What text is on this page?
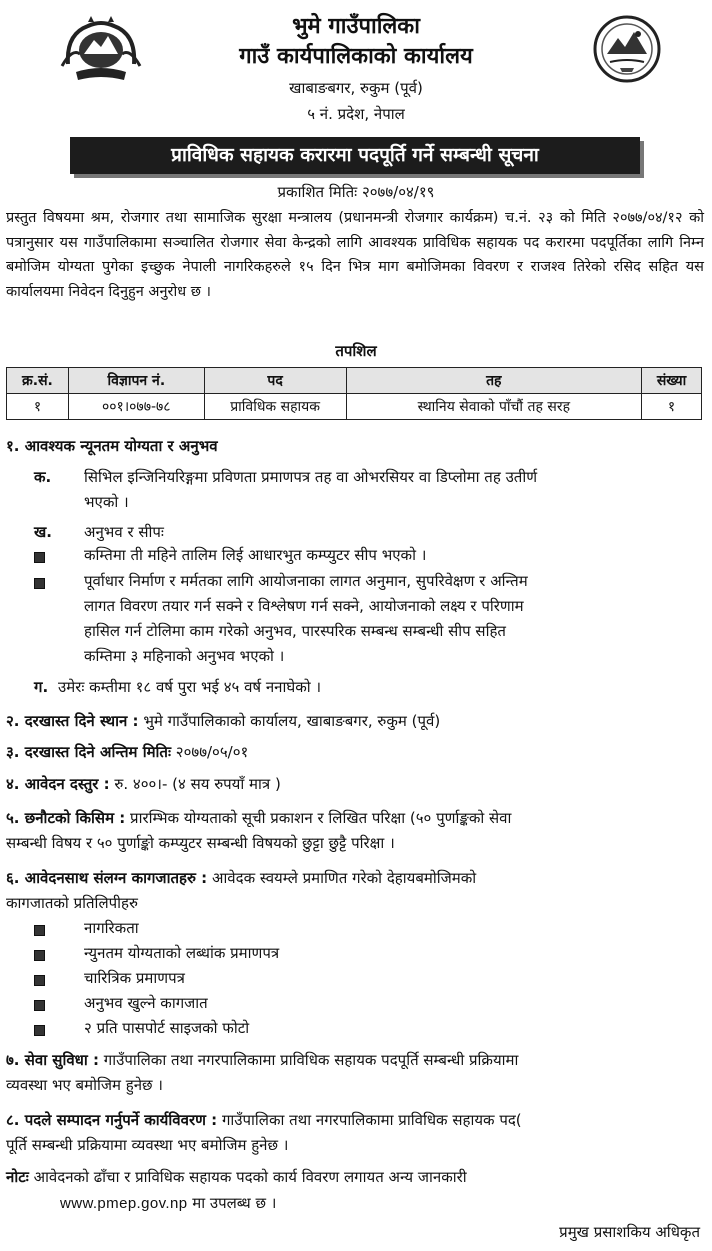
भुमे गाउँपालिका
गाउँ कार्यपालिकाको कार्यालय
खाबाङबगर, रुकुम (पूर्व)
५ नं. प्रदेश, नेपाल
प्राविधिक सहायक करारमा पदपूर्ति गर्ने सम्बन्धी सूचना
प्रकाशित मितिः २०७७/०४/१९
प्रस्तुत विषयमा श्रम, रोजगार तथा सामाजिक सुरक्षा मन्त्रालय (प्रधानमन्त्री रोजगार कार्यक्रम) च.नं. २३ को मिति २०७७/०४/१२ को पत्रानुसार यस गाउँपालिकामा सञ्चालित रोजगार सेवा केन्द्रको लागि आवश्यक प्राविधिक सहायक पद करारमा पदपूर्तिका लागि निम्न बमोजिम योग्यता पुगेका इच्छुक नेपाली नागरिकहरुले १५ दिन भित्र माग बमोजिमका विवरण र राजश्व तिरेको रसिद सहित यस कार्यालयमा निवेदन दिनुहुन अनुरोध छ ।
तपशिल
क्र.सं.	विज्ञापन नं.	पद	तह	संख्या
१	००१।०७७-७८	प्राविधिक सहायक	स्थानिय सेवाको पाँचौं तह सरह	१
१. आवश्यक न्यूनतम योग्यता र अनुभव
क. सिभिल इन्जिनियरिङ्गमा प्रविणता प्रमाणपत्र तह वा ओभरसियर वा डिप्लोमा तह उतीर्ण
भएको ।
ख. अनुभव र सीपः
कम्तिमा ती महिने तालिम लिई आधारभुत कम्प्युटर सीप भएको ।
पूर्वाधार निर्माण र मर्मतका लागि आयोजनाका लागत अनुमान, सुपरिवेक्षण र अन्तिम
लागत विवरण तयार गर्न सक्ने र विश्लेषण गर्न सक्ने, आयोजनाको लक्ष्य र परिणाम
हासिल गर्न टोलिमा काम गरेको अनुभव, पारस्परिक सम्बन्ध सम्बन्धी सीप सहित
कम्तिमा ३ महिनाको अनुभव भएको ।
ग. उमेरः कम्तीमा १८ वर्ष पुरा भई ४५ वर्ष ननाघेको ।
२. दरखास्त दिने स्थान : भुमे गाउँपालिकाको कार्यालय, खाबाङबगर, रुकुम (पूर्व)
३. दरखास्त दिने अन्तिम मितिः २०७७/०५/०१
४. आवेदन दस्तुर : रु. ४००।- (४ सय रुपयाँ मात्र )
५. छनौटको किसिम : प्रारम्भिक योग्यताको सूची प्रकाशन र लिखित परिक्षा (५० पुर्णाङ्कको सेवा
सम्बन्धी विषय र ५० पुर्णाङ्को कम्प्युटर सम्बन्धी विषयको छुट्टा छुट्टै परिक्षा ।
६. आवेदनसाथ संलग्न कागजातहरु : आवेदक स्वयम्ले प्रमाणित गरेको देहायबमोजिमको
कागजातको प्रतिलिपीहरु
नागरिकता
न्युनतम योग्यताको लब्धांक प्रमाणपत्र
चारित्रिक प्रमाणपत्र
अनुभव खुल्ने कागजात
२ प्रति पासपोर्ट साइजको फोटो
७. सेवा सुविधा : गाउँपालिका तथा नगरपालिकामा प्राविधिक सहायक पदपूर्ति सम्बन्धी प्रक्रियामा
व्यवस्था भए बमोजिम हुनेछ ।
८. पदले सम्पादन गर्नुपर्ने कार्यविवरण : गाउँपालिका तथा नगरपालिकामा प्राविधिक सहायक पद(
पूर्ति सम्बन्धी प्रक्रियामा व्यवस्था भए बमोजिम हुनेछ ।
नोटः आवेदनको ढाँचा र प्राविधिक सहायक पदको कार्य विवरण लगायत अन्य जानकारी
www.pmep.gov.np मा उपलब्ध छ ।
प्रमुख प्रसाशकिय अधिकृत
